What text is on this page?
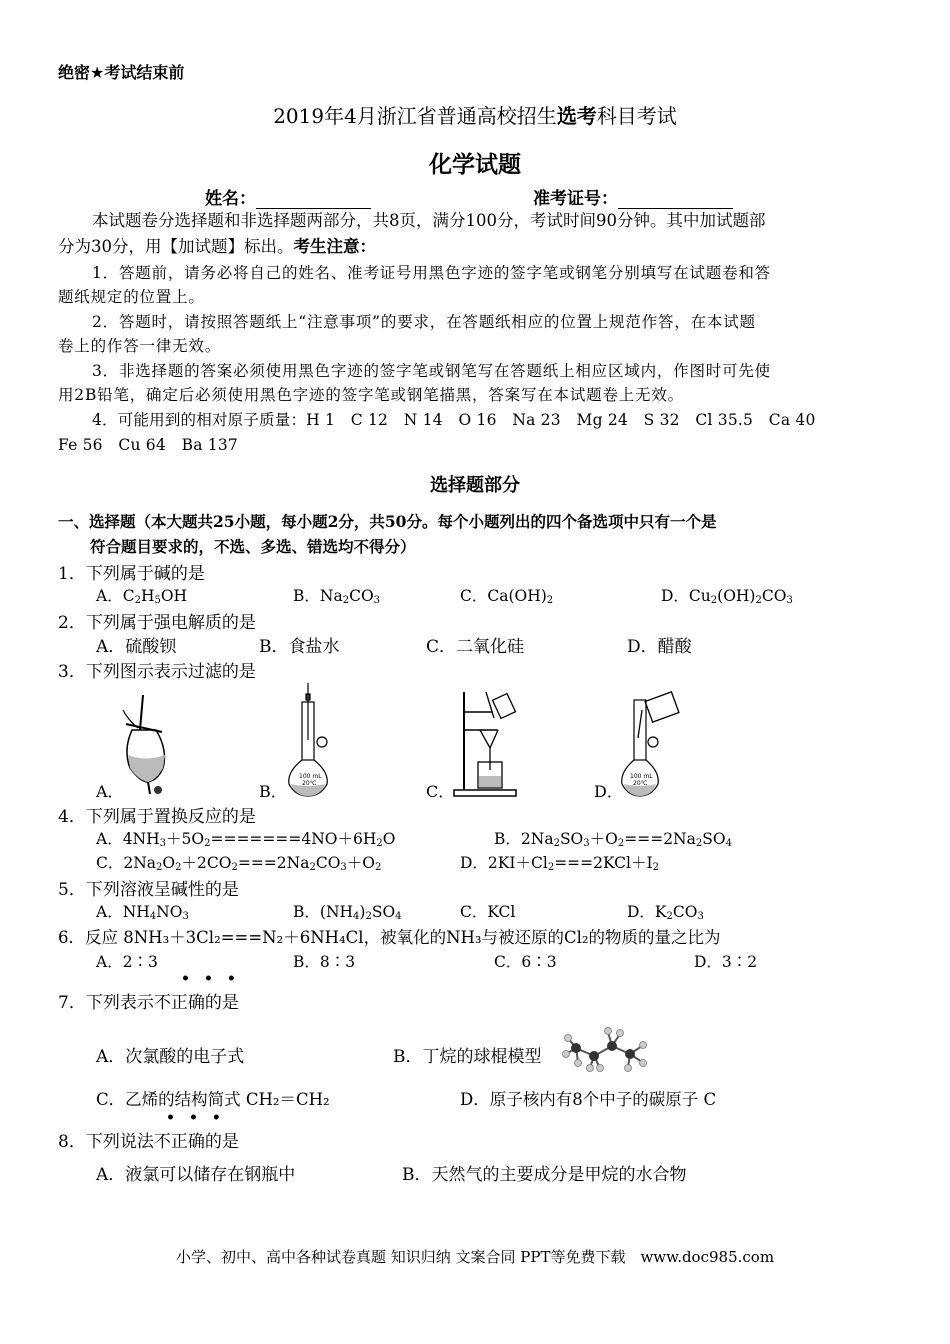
绝密★考试结束前
2019年4月浙江省普通高校招生选考科目考试
化学试题
姓名：	准考证号：
本试题卷分选择题和非选择题两部分，共8页，满分100分，考试时间90分钟。其中加试题部
分为30分，用【加试题】标出。考生注意：
1．答题前，请务必将自己的姓名、准考证号用黑色字迹的签字笔或钢笔分别填写在试题卷和答
题纸规定的位置上。
2．答题时，请按照答题纸上“注意事项”的要求，在答题纸相应的位置上规范作答，在本试题
卷上的作答一律无效。
3．非选择题的答案必须使用黑色字迹的签字笔或钢笔写在答题纸上相应区域内，作图时可先使
用2B铅笔，确定后必须使用黑色字迹的签字笔或钢笔描黑，答案写在本试题卷上无效。
4．可能用到的相对原子质量：H 1　C 12　N 14　O 16　Na 23　Mg 24　S 32　Cl 35.5　Ca 40
Fe 56　Cu 64　Ba 137
选择题部分
一、选择题（本大题共25小题，每小题2分，共50分。每个小题列出的四个备选项中只有一个是
符合题目要求的，不选、多选、错选均不得分）
1．下列属于碱的是
A．$C_2H_5OH$	B．$Na_2CO_3$	C．$Ca(OH)_2$	D．$Cu_2(OH)_2CO_3$
2．下列属于强电解质的是
A．硫酸钡	B．食盐水	C．二氧化硅	D．醋酸
3．下列图示表示过滤的是
A．
100 mL
20℃
B．	C．
100 mL
20℃
D．
4．下列属于置换反应的是
A．$4NH_3+5O_2=======4NO+6H_2O$	B．$2Na_2SO_3+O_2===2Na_2SO_4$
C．$2Na_2O_2+2CO_2===2Na_2CO_3+O_2$	D．$2KI+Cl_2===2KCl+I_2$
5．下列溶液呈碱性的是
A．$NH_4NO_3$	B．$(NH_4)_2SO_4$	C．KCl	D．$K_2CO_3$
6．反应 8NH₃＋3Cl₂===N₂＋6NH₄Cl，被氧化的NH₃与被还原的Cl₂的物质的量之比为
A．2∶3	B．8∶3	C．6∶3	D．3∶2
•••
7．下列表示不正确的是
A．次氯酸的电子式	B．丁烷的球棍模型
C．乙烯的结构简式 CH₂＝CH₂	D．原子核内有8个中子的碳原子 C
•••
8．下列说法不正确的是
A．液氯可以储存在钢瓶中	B．天然气的主要成分是甲烷的水合物
小学、初中、高中各种试卷真题 知识归纳 文案合同 PPT等免费下载　www.doc985.com
